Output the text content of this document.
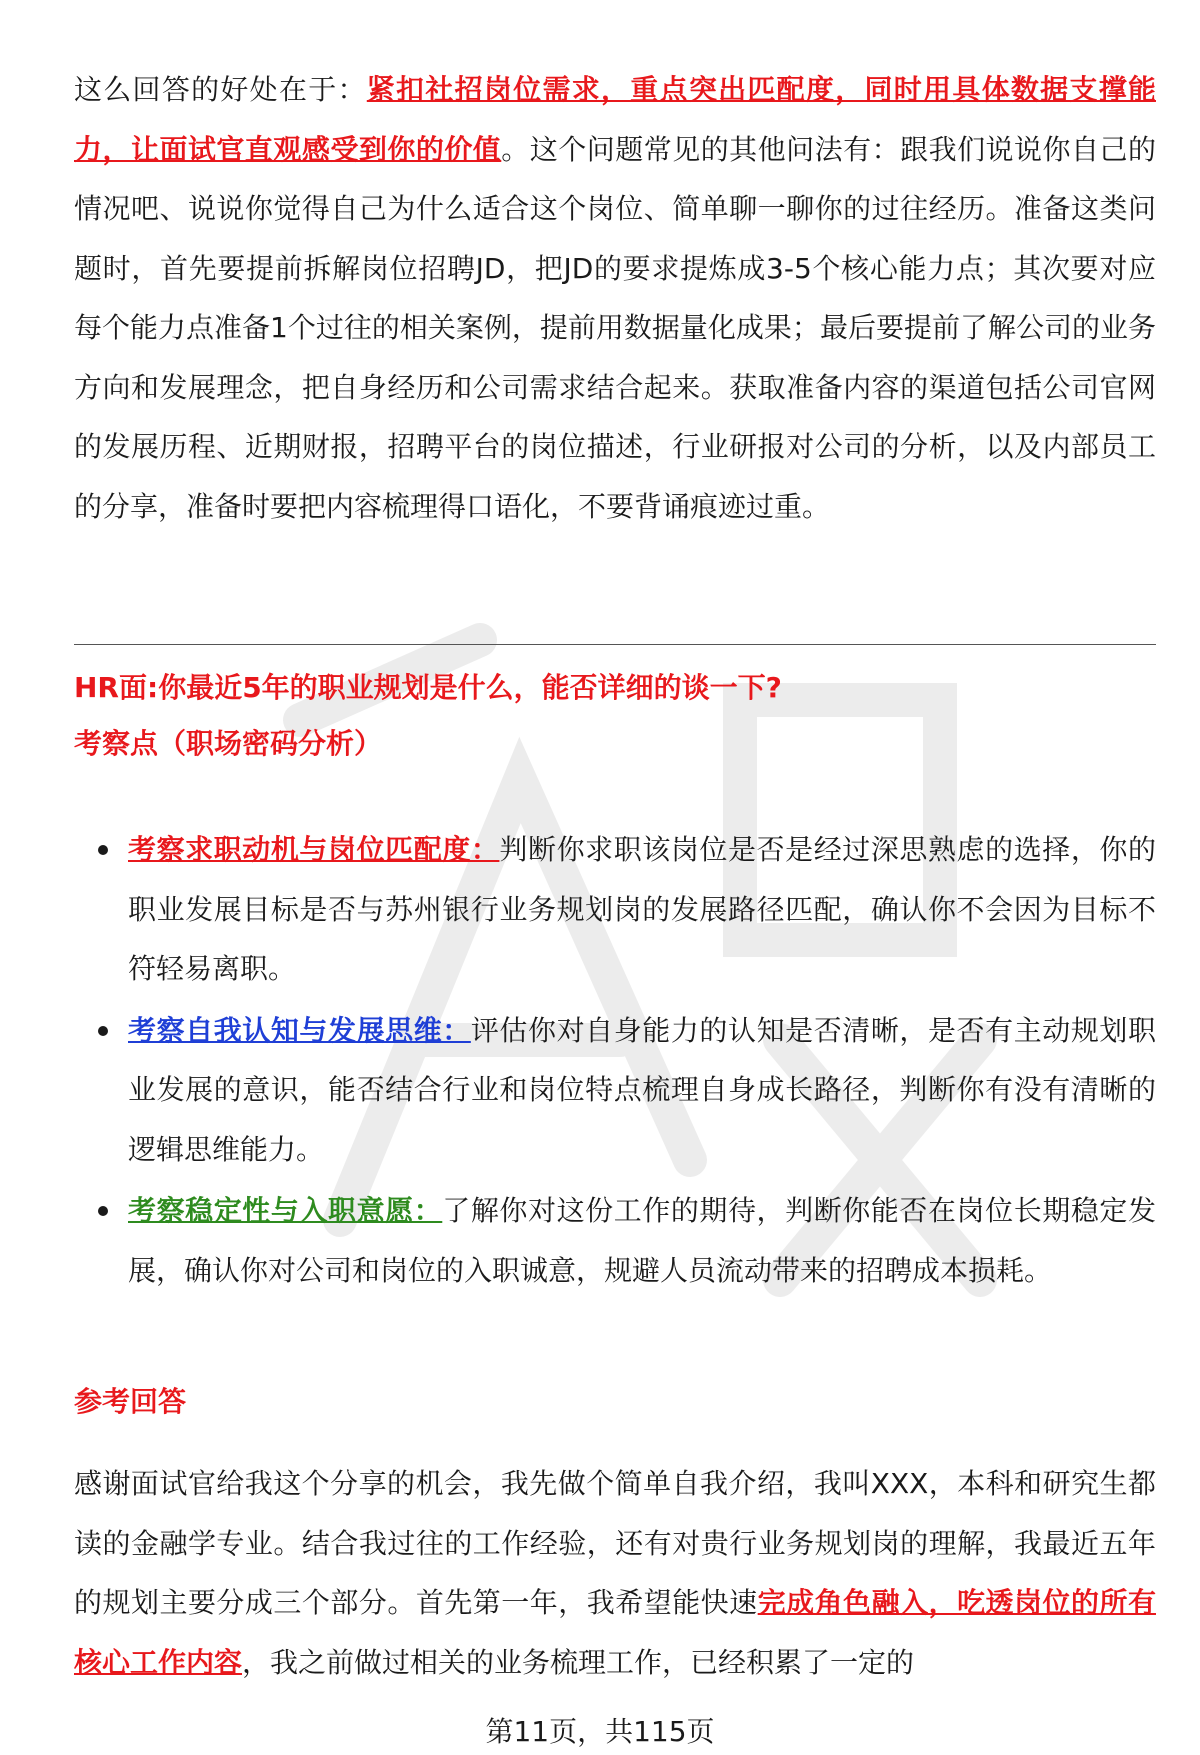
这么回答的好处在于：紧扣社招岗位需求，重点突出匹配度，同时用具体数据支撑能力，让面试官直观感受到你的价值。这个问题常见的其他问法有：跟我们说说你自己的情况吧、说说你觉得自己为什么适合这个岗位、简单聊一聊你的过往经历。准备这类问题时，首先要提前拆解岗位招聘JD，把JD的要求提炼成3-5个核心能力点；其次要对应每个能力点准备1个过往的相关案例，提前用数据量化成果；最后要提前了解公司的业务方向和发展理念，把自身经历和公司需求结合起来。获取准备内容的渠道包括公司官网的发展历程、近期财报，招聘平台的岗位描述，行业研报对公司的分析，以及内部员工的分享，准备时要把内容梳理得口语化，不要背诵痕迹过重。

HR面:你最近5年的职业规划是什么，能否详细的谈一下?
考察点（职场密码分析）
考察求职动机与岗位匹配度：判断你求职该岗位是否是经过深思熟虑的选择，你的职业发展目标是否与苏州银行业务规划岗的发展路径匹配，确认你不会因为目标不符轻易离职。
考察自我认知与发展思维：评估你对自身能力的认知是否清晰，是否有主动规划职业发展的意识，能否结合行业和岗位特点梳理自身成长路径，判断你有没有清晰的逻辑思维能力。
考察稳定性与入职意愿：了解你对这份工作的期待，判断你能否在岗位长期稳定发展，确认你对公司和岗位的入职诚意，规避人员流动带来的招聘成本损耗。
参考回答

感谢面试官给我这个分享的机会，我先做个简单自我介绍，我叫XXX，本科和研究生都读的金融学专业。结合我过往的工作经验，还有对贵行业务规划岗的理解，我最近五年的规划主要分成三个部分。首先第一年，我希望能快速完成角色融入，吃透岗位的所有核心工作内容，我之前做过相关的业务梳理工作，已经积累了一定的

第11页，共115页
